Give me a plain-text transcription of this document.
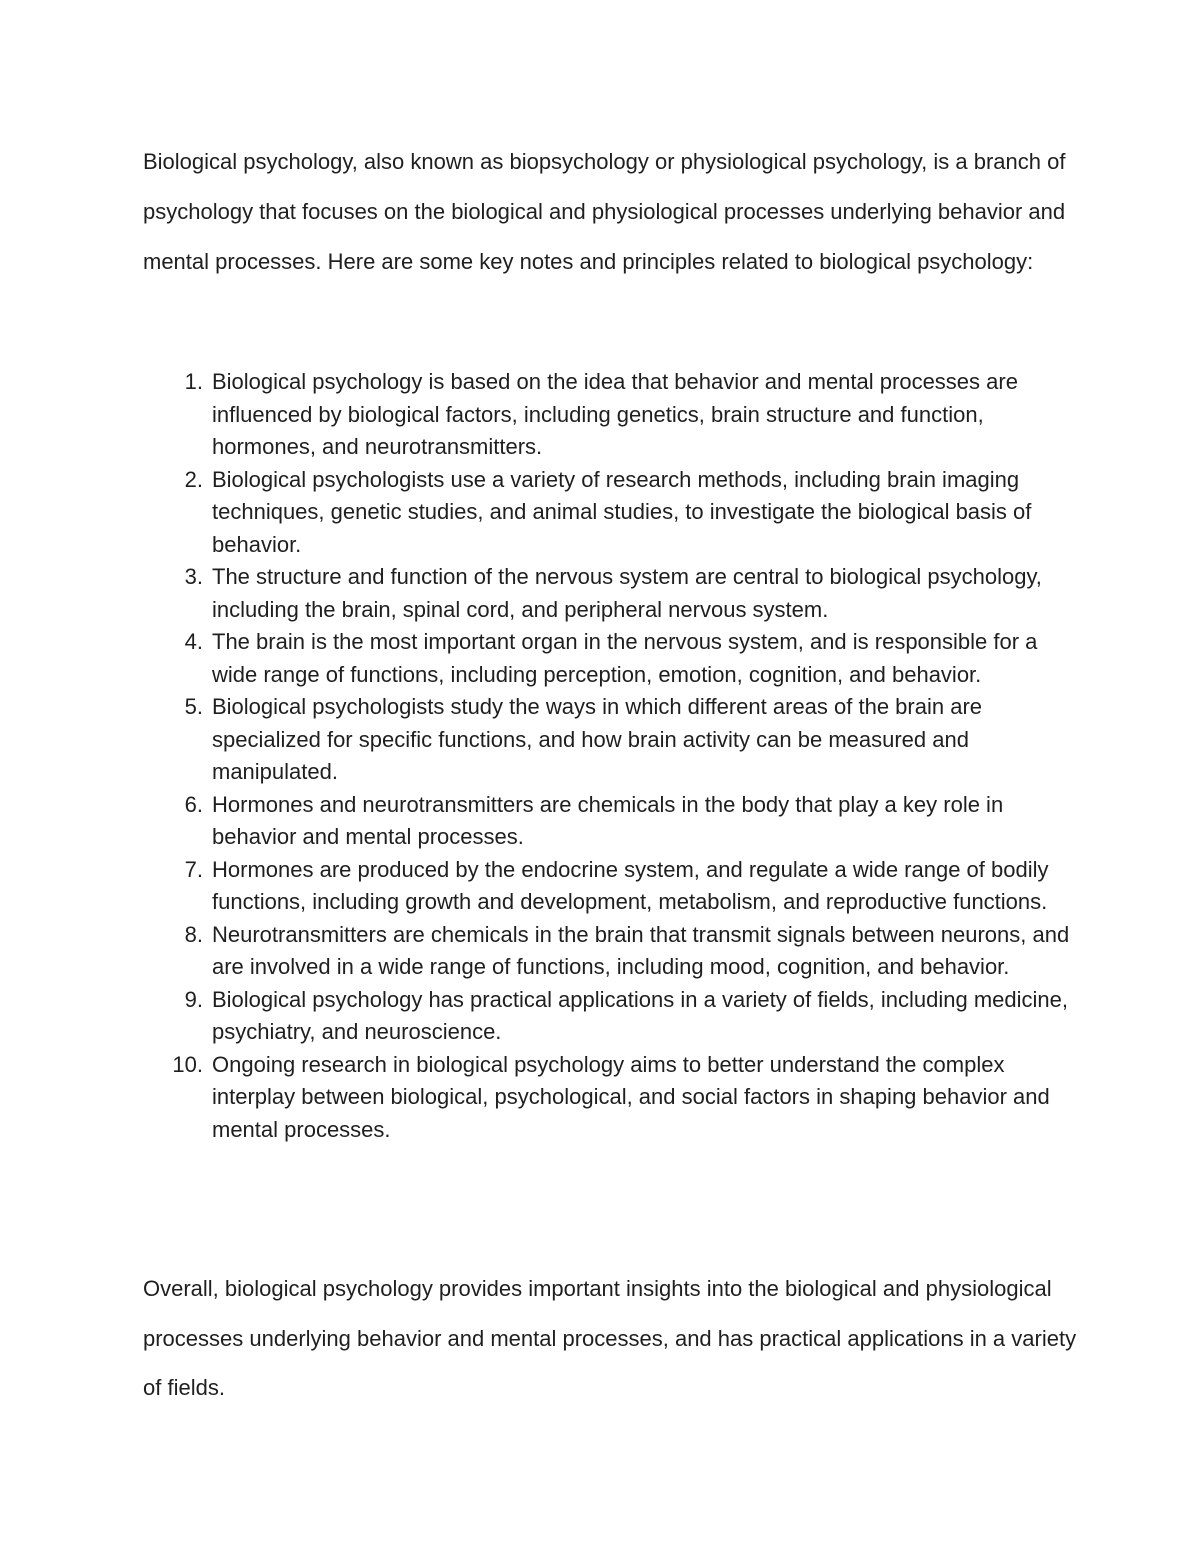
Biological psychology, also known as biopsychology or physiological psychology, is a branch of psychology that focuses on the biological and physiological processes underlying behavior and mental processes. Here are some key notes and principles related to biological psychology:

1. Biological psychology is based on the idea that behavior and mental processes are influenced by biological factors, including genetics, brain structure and function, hormones, and neurotransmitters.
2. Biological psychologists use a variety of research methods, including brain imaging techniques, genetic studies, and animal studies, to investigate the biological basis of behavior.
3. The structure and function of the nervous system are central to biological psychology, including the brain, spinal cord, and peripheral nervous system.
4. The brain is the most important organ in the nervous system, and is responsible for a wide range of functions, including perception, emotion, cognition, and behavior.
5. Biological psychologists study the ways in which different areas of the brain are specialized for specific functions, and how brain activity can be measured and manipulated.
6. Hormones and neurotransmitters are chemicals in the body that play a key role in behavior and mental processes.
7. Hormones are produced by the endocrine system, and regulate a wide range of bodily functions, including growth and development, metabolism, and reproductive functions.
8. Neurotransmitters are chemicals in the brain that transmit signals between neurons, and are involved in a wide range of functions, including mood, cognition, and behavior.
9. Biological psychology has practical applications in a variety of fields, including medicine, psychiatry, and neuroscience.
10. Ongoing research in biological psychology aims to better understand the complex interplay between biological, psychological, and social factors in shaping behavior and mental processes.

Overall, biological psychology provides important insights into the biological and physiological processes underlying behavior and mental processes, and has practical applications in a variety of fields.
